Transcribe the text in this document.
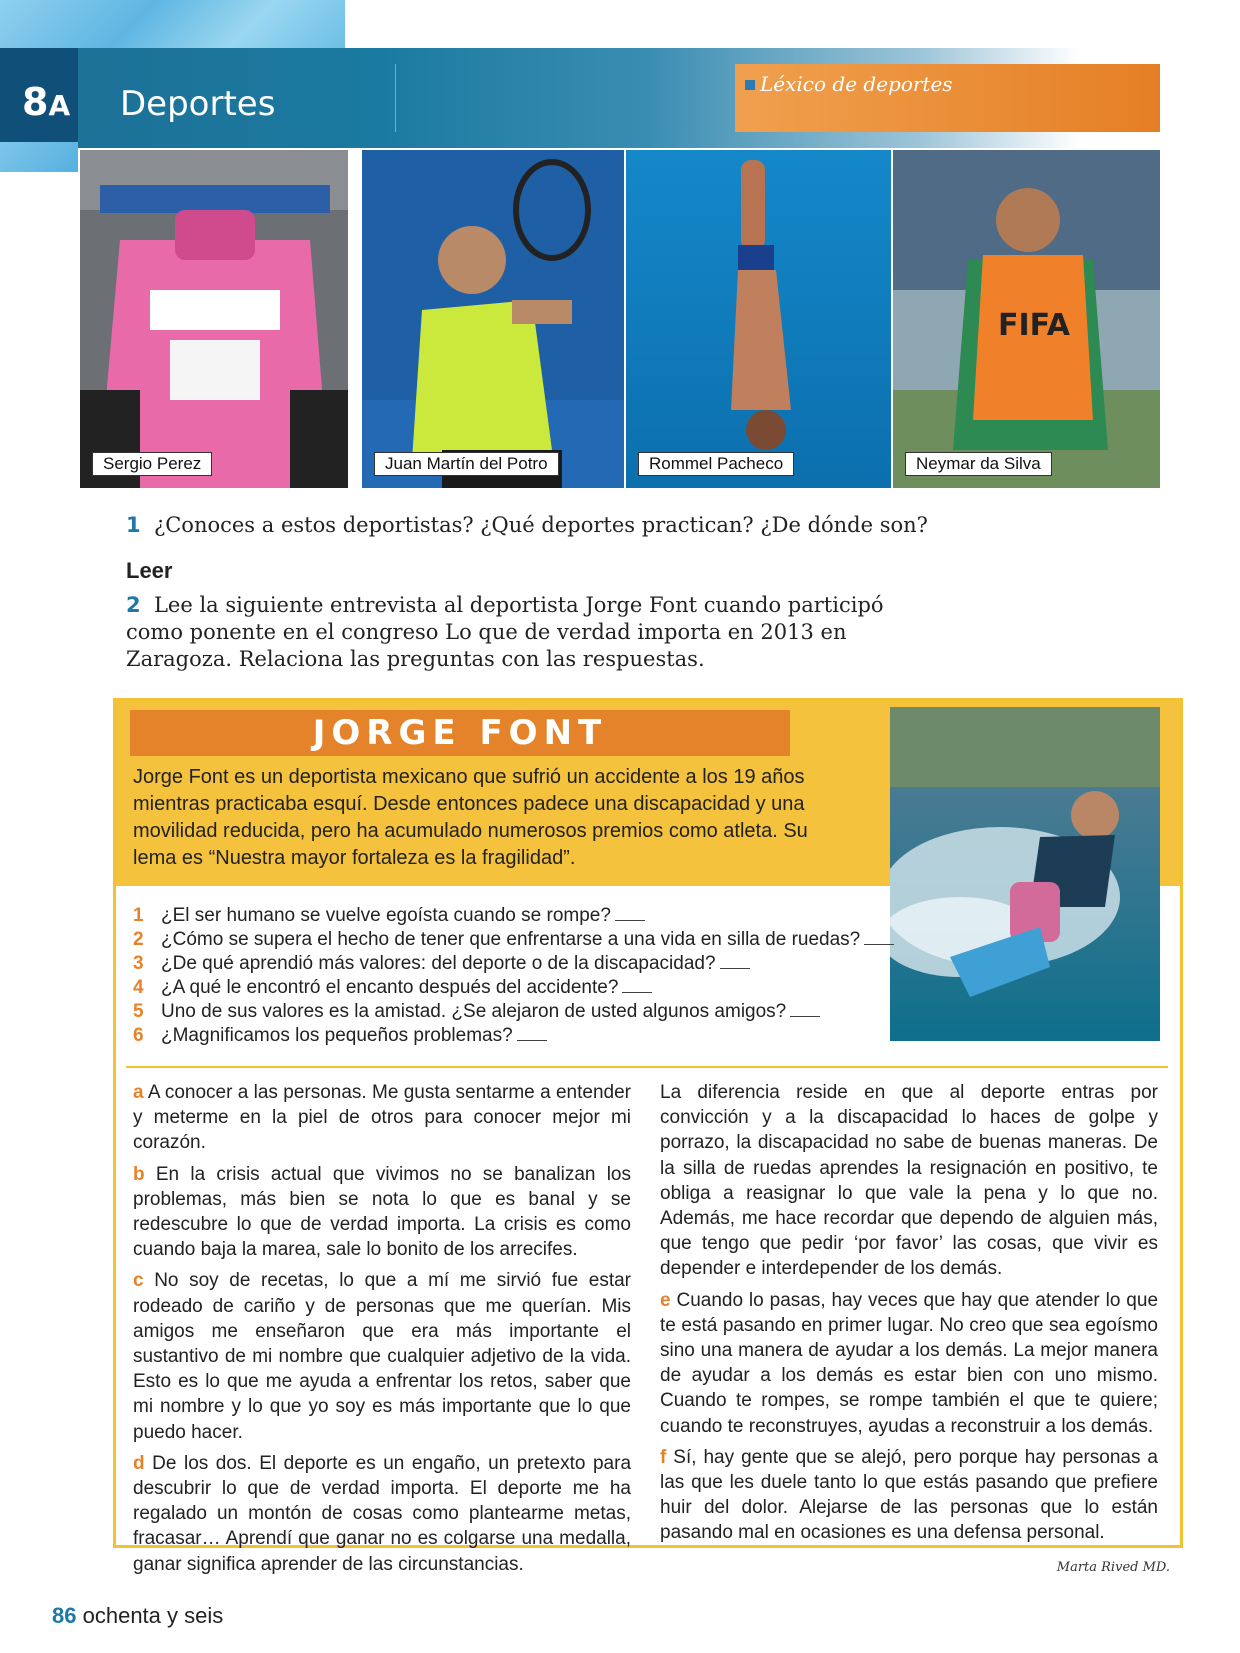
8A Deportes	Léxico de deportes
Sergio Perez	Juan Martín del Potro	Rommel Pacheco
FIFA
Neymar da Silva
1 ¿Conoces a estos deportistas? ¿Qué deportes practican? ¿De dónde son?
Leer
2 Lee la siguiente entrevista al deportista Jorge Font cuando participó como ponente en el congreso Lo que de verdad importa en 2013 en Zaragoza. Relaciona las preguntas con las respuestas.
JORGE FONT
Jorge Font es un deportista mexicano que sufrió un accidente a los 19 años mientras practicaba esquí. Desde entonces padece una discapacidad y una movilidad reducida, pero ha acumulado numerosos premios como atleta. Su lema es “Nuestra mayor fortaleza es la fragilidad”.
1 ¿El ser humano se vuelve egoísta cuando se rompe?
2 ¿Cómo se supera el hecho de tener que enfrentarse a una vida en silla de ruedas?
3 ¿De qué aprendió más valores: del deporte o de la discapacidad?
4 ¿A qué le encontró el encanto después del accidente?
5 Uno de sus valores es la amistad. ¿Se alejaron de usted algunos amigos?
6 ¿Magnificamos los pequeños problemas?

a A conocer a las personas. Me gusta sentarme a entender y meterme en la piel de otros para conocer mejor mi corazón.

b En la crisis actual que vivimos no se banalizan los problemas, más bien se nota lo que es banal y se redescubre lo que de verdad importa. La crisis es como cuando baja la marea, sale lo bonito de los arrecifes.

c No soy de recetas, lo que a mí me sirvió fue estar rodeado de cariño y de personas que me querían. Mis amigos me enseñaron que era más importante el sustantivo de mi nombre que cualquier adjetivo de la vida. Esto es lo que me ayuda a enfrentar los retos, saber que mi nombre y lo que yo soy es más importante que lo que puedo hacer.

d De los dos. El deporte es un engaño, un pretexto para descubrir lo que de verdad importa. El deporte me ha regalado un montón de cosas como plantearme metas, fracasar… Aprendí que ganar no es colgarse una medalla, ganar significa aprender de las circunstancias.

La diferencia reside en que al deporte entras por convicción y a la discapacidad lo haces de golpe y porrazo, la discapacidad no sabe de buenas maneras. De la silla de ruedas aprendes la resignación en positivo, te obliga a reasignar lo que vale la pena y lo que no. Además, me hace recordar que dependo de alguien más, que tengo que pedir ‘por favor’ las cosas, que vivir es depender e interdepender de los demás.

e Cuando lo pasas, hay veces que hay que atender lo que te está pasando en primer lugar. No creo que sea egoísmo sino una manera de ayudar a los demás. La mejor manera de ayudar a los demás es estar bien con uno mismo. Cuando te rompes, se rompe también el que te quiere; cuando te reconstruyes, ayudas a reconstruir a los demás.

f Sí, hay gente que se alejó, pero porque hay personas a las que les duele tanto lo que estás pasando que prefiere huir del dolor. Alejarse de las personas que lo están pasando mal en ocasiones es una defensa personal.

Marta Rived MD.
86 ochenta y seis
